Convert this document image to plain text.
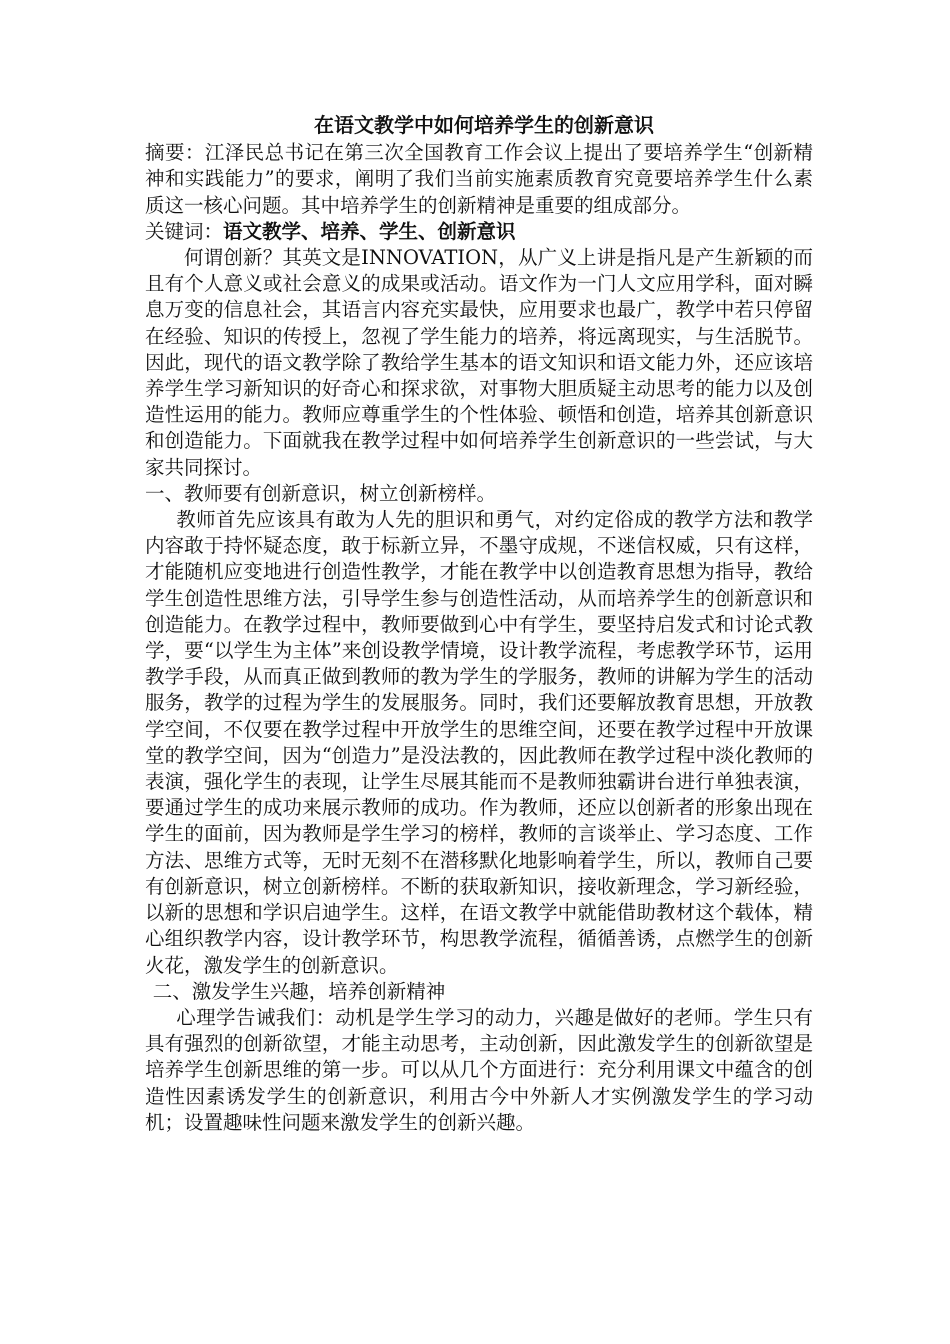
在语文教学中如何培养学生的创新意识

摘要：江泽民总书记在第三次全国教育工作会议上提出了要培养学生“创新精神和实践能力”的要求，阐明了我们当前实施素质教育究竟要培养学生什么素质这一核心问题。其中培养学生的创新精神是重要的组成部分。

关键词：语文教学、培养、学生、创新意识

何谓创新？其英文是INNOVATION，从广义上讲是指凡是产生新颖的而且有个人意义或社会意义的成果或活动。语文作为一门人文应用学科，面对瞬息万变的信息社会，其语言内容充实最快，应用要求也最广，教学中若只停留在经验、知识的传授上，忽视了学生能力的培养，将远离现实，与生活脱节。因此，现代的语文教学除了教给学生基本的语文知识和语文能力外，还应该培养学生学习新知识的好奇心和探求欲，对事物大胆质疑主动思考的能力以及创造性运用的能力。教师应尊重学生的个性体验、顿悟和创造，培养其创新意识和创造能力。下面就我在教学过程中如何培养学生创新意识的一些尝试，与大家共同探讨。

一、教师要有创新意识，树立创新榜样。

教师首先应该具有敢为人先的胆识和勇气，对约定俗成的教学方法和教学内容敢于持怀疑态度，敢于标新立异，不墨守成规，不迷信权威，只有这样，才能随机应变地进行创造性教学，才能在教学中以创造教育思想为指导，教给学生创造性思维方法，引导学生参与创造性活动，从而培养学生的创新意识和创造能力。在教学过程中，教师要做到心中有学生，要坚持启发式和讨论式教学，要“以学生为主体”来创设教学情境，设计教学流程，考虑教学环节，运用教学手段，从而真正做到教师的教为学生的学服务，教师的讲解为学生的活动服务，教学的过程为学生的发展服务。同时，我们还要解放教育思想，开放教学空间，不仅要在教学过程中开放学生的思维空间，还要在教学过程中开放课堂的教学空间，因为“创造力”是没法教的，因此教师在教学过程中淡化教师的表演，强化学生的表现，让学生尽展其能而不是教师独霸讲台进行单独表演，要通过学生的成功来展示教师的成功。作为教师，还应以创新者的形象出现在学生的面前，因为教师是学生学习的榜样，教师的言谈举止、学习态度、工作方法、思维方式等，无时无刻不在潜移默化地影响着学生，所以，教师自己要有创新意识，树立创新榜样。不断的获取新知识，接收新理念，学习新经验，以新的思想和学识启迪学生。这样，在语文教学中就能借助教材这个载体，精心组织教学内容，设计教学环节，构思教学流程，循循善诱，点燃学生的创新火花，激发学生的创新意识。

二、激发学生兴趣，培养创新精神

心理学告诫我们：动机是学生学习的动力，兴趣是做好的老师。学生只有具有强烈的创新欲望，才能主动思考，主动创新，因此激发学生的创新欲望是培养学生创新思维的第一步。可以从几个方面进行：充分利用课文中蕴含的创造性因素诱发学生的创新意识，利用古今中外新人才实例激发学生的学习动机；设置趣味性问题来激发学生的创新兴趣。
